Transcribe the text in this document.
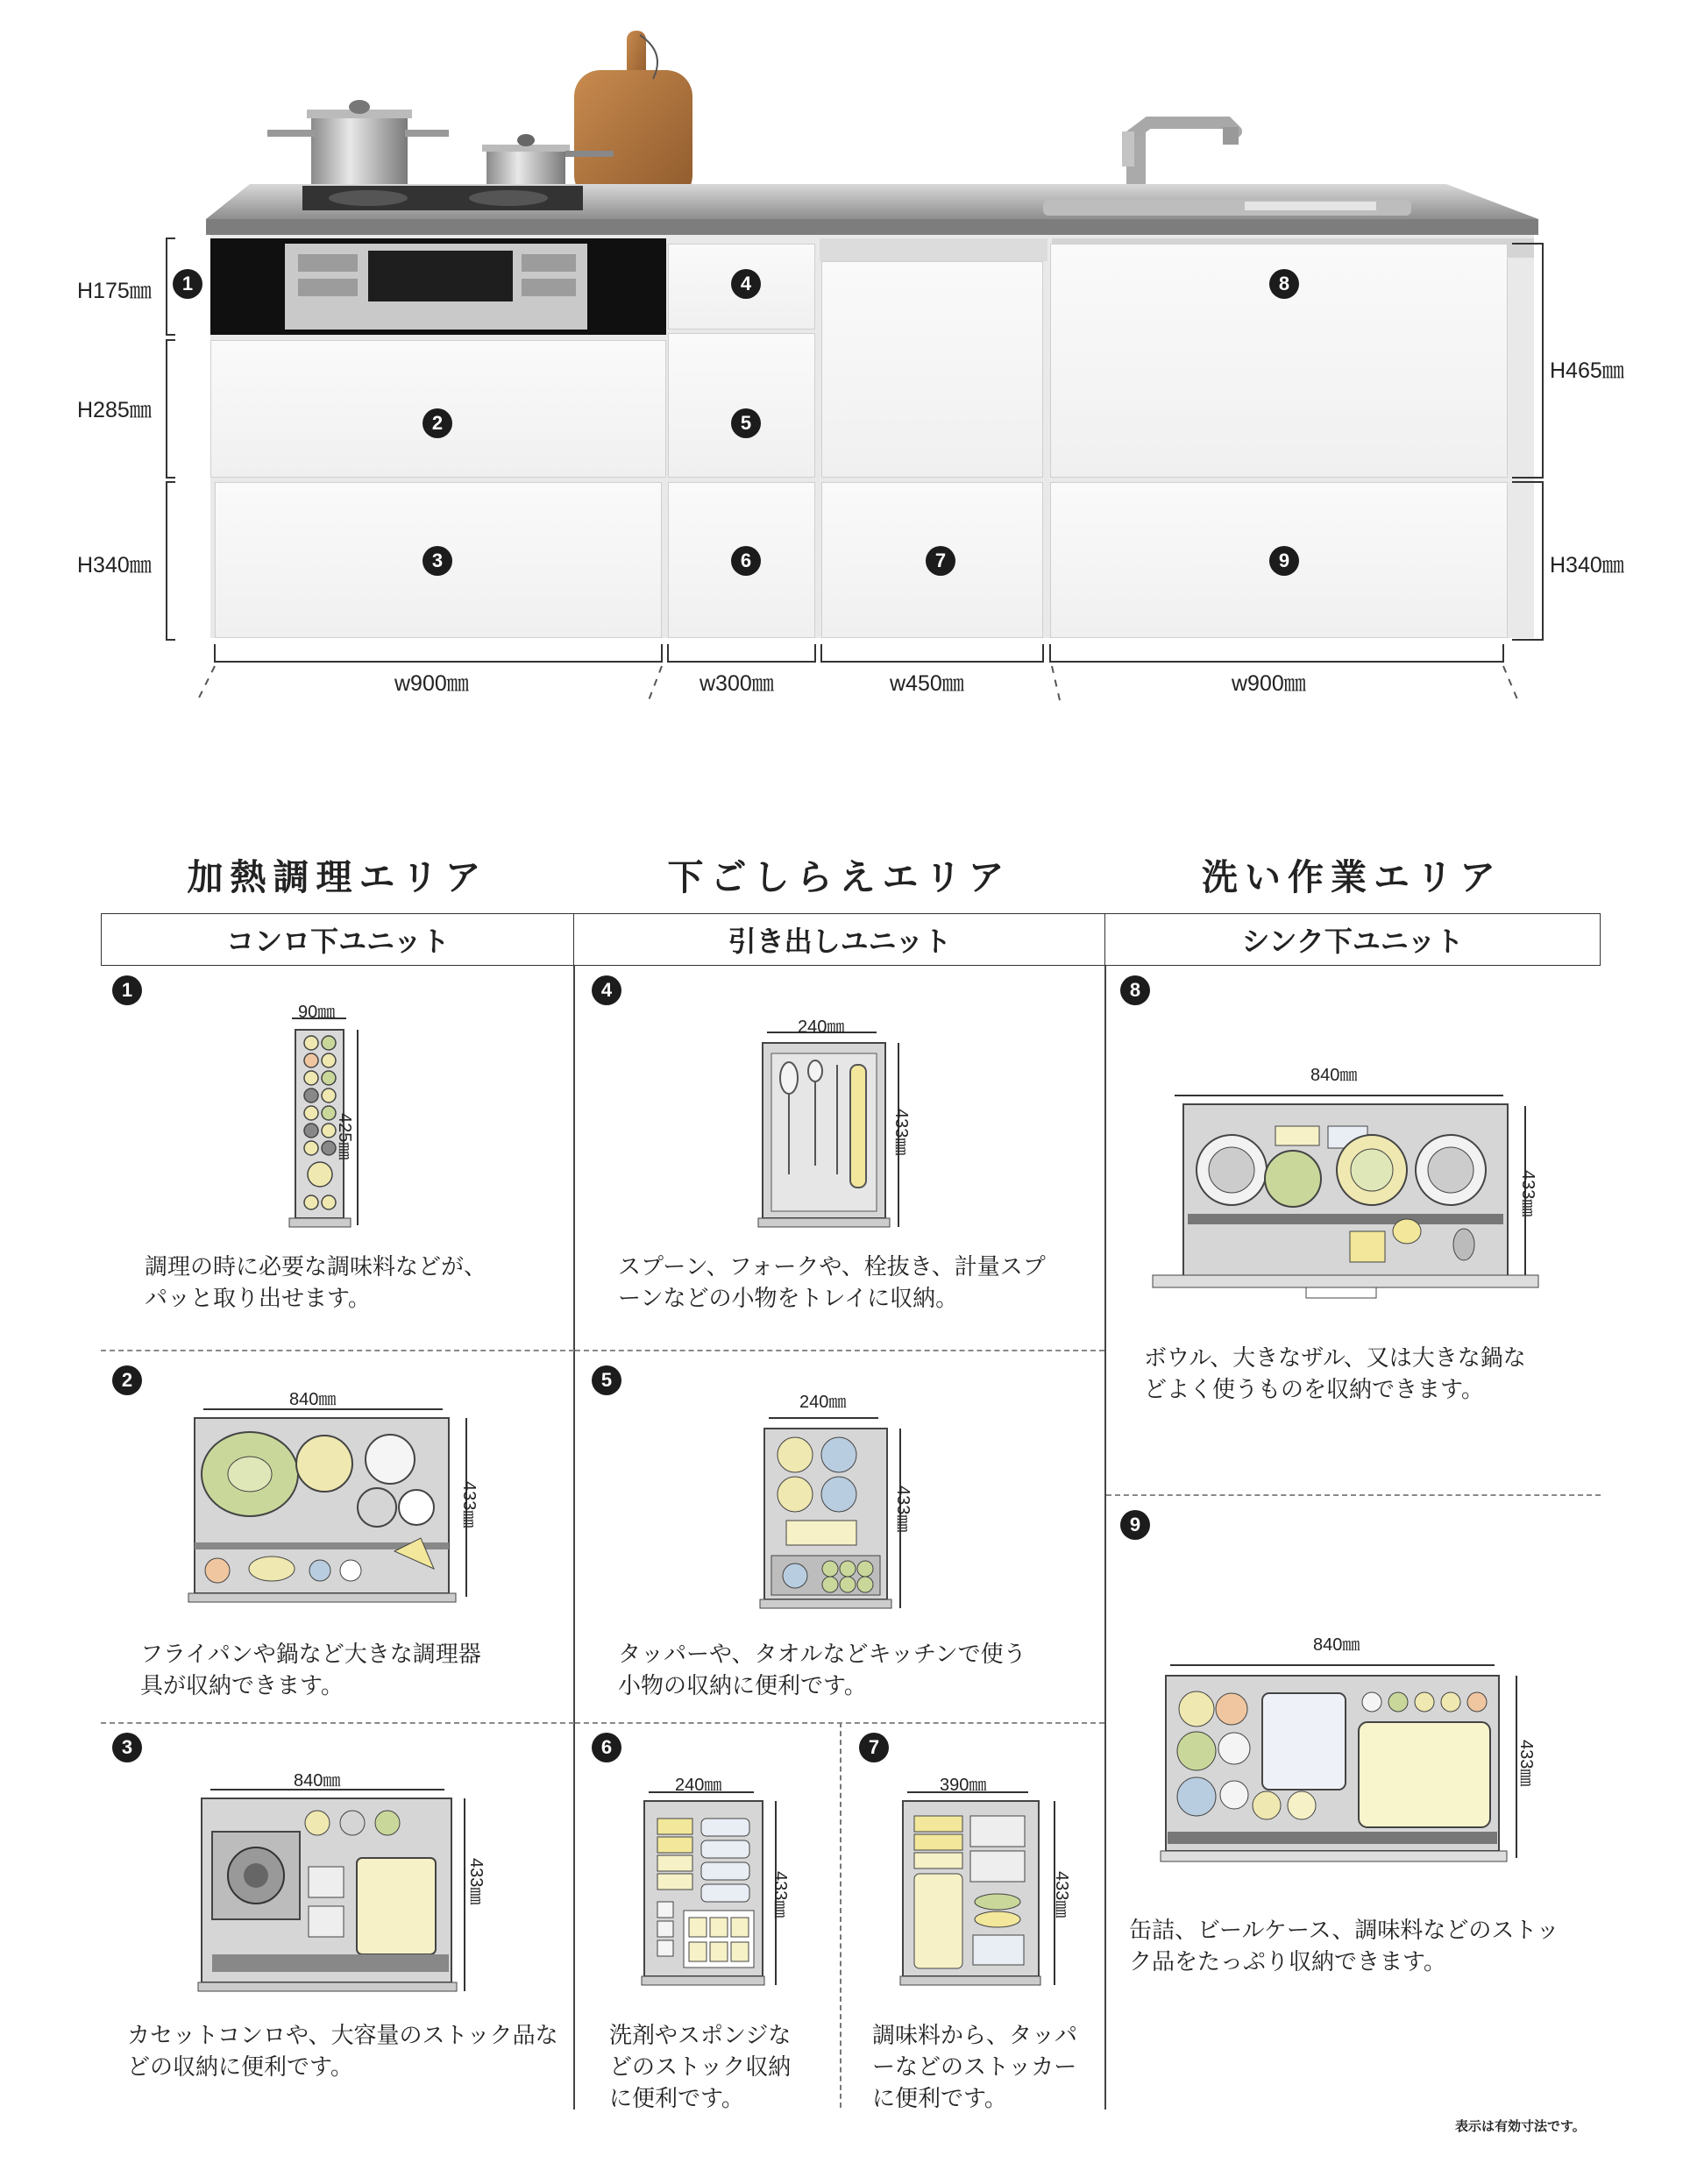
1
2
3
4
5
6	7
8
9
H175㎜
H285㎜
H340㎜
H465㎜
H340㎜
w900㎜	w300㎜	w450㎜	w900㎜
加熱調理エリア	下ごしらえエリア	洗い作業エリア
コンロ下ユニット	引き出しユニット	シンク下ユニット
1
90㎜
425㎜
調理の時に必要な調味料などが、
パッと取り出せます。
2
840㎜
433㎜
フライパンや鍋など大きな調理器
具が収納できます。
3
840㎜
433㎜
カセットコンロや、大容量のストック品な
どの収納に便利です。
4
240㎜
433㎜
スプーン、フォークや、栓抜き、計量スプ
ーンなどの小物をトレイに収納。
5
240㎜
433㎜
タッパーや、タオルなどキッチンで使う
小物の収納に便利です。
6
240㎜
433㎜
洗剤やスポンジな
どのストック収納
に便利です。
7
390㎜
433㎜
調味料から、タッパ
ーなどのストッカー
に便利です。
8
840㎜
433㎜
ボウル、大きなザル、又は大きな鍋な
どよく使うものを収納できます。
9
840㎜
433㎜
缶詰、ビールケース、調味料などのストッ
ク品をたっぷり収納できます。
表示は有効寸法です。
